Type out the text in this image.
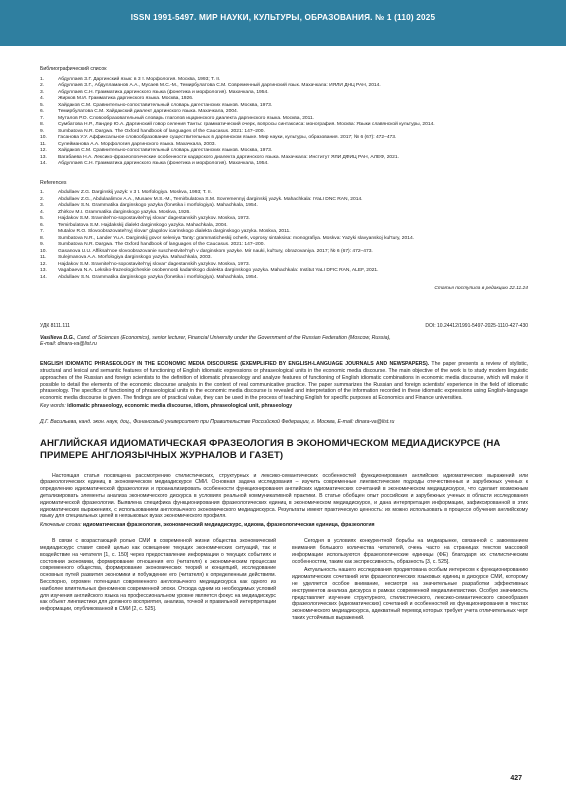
ISSN 1991-5497. МИР НАУКИ, КУЛЬТУРЫ, ОБРАЗОВАНИЯ. № 1 (110) 2025
Библиографический список
1.	Абдуллаев З.Г. Даргинский язык: в 3 т. Морфология. Москва, 1993; Т. II.
2.	Абдуллаев З.Г., Абдулламанов А.А., Мусаев М.С.-М., Темирбулатова С.М. Современный даргинский язык. Махачкала: ИЯЛИ ДНЦ РАН, 2014.
3.	Абдуллаев С.Н. Грамматика даргинского языка (фонетика и морфология). Махачкала, 1954.
4.	Жирков М.И. Грамматика даргинского языка. Москва, 1926.
5.	Хайдаков С.М. Сравнительно-сопоставительный словарь дагестанских языков. Москва, 1973.
6.	Темирбулатова С.М. Хайдакский диалект даргинского языка. Махачкала, 2004.
7.	Муталов Р.О. Словообразовательный словарь глаголов ицаринского диалекта даргинского языка. Москва, 2011.
8.	Сумбатова Н.Р., Ландер Ю.А. Даргинский говор селения Танты: грамматический очерк, вопросы синтаксиса: монография. Москва: Языки славянской культуры, 2014.
9.	Sumbatova N.R. Dargwa. The Oxford handbook of languages of the Caucasus. 2021: 147–200.
10.	Гасанова У.У. Аффиксальное словообразование существительных в даргинском языке. Мир науки, культуры, образования. 2017; № 6 (67): 472–473.
11.	Сулейманова А.А. Морфология даргинского языка. Махачкала, 2003.
12.	Хайдаков С.М. Сравнительно-сопоставительный словарь дагестанских языков. Москва, 1973.
13.	Вагабаева Н.А. Лексико-фразеологические особенности кадарского диалекта даргинского языка. Махачкала: Институт ЯЛИ ДФИЦ РАН, АЛЕФ, 2021.
14.	Абдуллаев С.Н. Грамматика даргинского языка (фонетика и морфология). Махачкала, 1954.
References
1.	Abdullaev Z.G. Darginskij yazyk: v 3 t. Morfologiya. Moskva, 1993; T. II.
2.	Abdullaev Z.G., Abdulaalimov A.A., Musaev M.S.-M., Temirbulatova S.M. Sovremennyj darginskij yazyk. Mahachkala: IYaLI DNC RAN, 2014.
3.	Abdullaev S.N. Grammatika darginskogo yazyka (fonetika i morfologiya). Mahachkala, 1954.
4.	Zhirkov M.I. Grammatika darginskogo yazyka. Moskva, 1926.
5.	Hajdakov S.M. Sravnitel'no-sopostavitel'nyj slovar' dagestanskih yazykov. Moskva, 1973.
6.	Temirbulatova S.M. Hajdakskij dialekt darginskogo yazyka. Mahachkala, 2004.
7.	Mutalov R.O. Slovoobrazovatel'nyj slovar' glagolov icarinskogo dialekta darginskogo yazyka. Moskva, 2011.
8.	Sumbatova N.R., Lander Yu.A. Darginskij govor seleniya Tanty: grammaticheskij ocherk, voprosy sintaksisa: monografiya. Moskva: Yazyki slavyanskoj kul'tury, 2014.
9.	Sumbatova N.R. Dargwa. The Oxford handbook of languages of the Caucasus. 2021: 147–200.
10.	Gasanova U.U. Affiksal'noe slovoobrazovanie suschestvitel'nyh v darginskom yazyke. Mir nauki, kul'tury, obrazovaniya. 2017; № 6 (67): 472–473.
11.	Sulejmanova A.A. Morfologiya darginskogo yazyka. Mahachkala, 2003.
12.	Hajdakov S.M. Sravnitel'no-sopostavitel'nyj slovar' dagestanskih yazykov. Moskva, 1973.
13.	Vagabaeva N.A. Leksiko-frazeologicheskie osobennosti kadarskogo dialekta darginskogo yazyka. Mahachkala: Institut YaLI DFIC RAN, ALEF, 2021.
14.	Abdullaev S.N. Grammatika darginskogo yazyka (fonetika i morfologiya). Mahachkala, 1954.
Статья поступила в редакцию 22.11.24
УДК 8111.111	DOI: 10.24412/1991-5497-2025-1110-427-430
Vasilieva D.G., Cand. of Sciences (Economics), senior lecturer, Financial University under the Government of the Russian Federation (Moscow, Russia),
E-mail: dinara-va@list.ru
ENGLISH IDIOMATIC PHRASEOLOGY IN THE ECONOMIC MEDIA DISCOURSE (EXEMPLIFIED BY ENGLISH-LANGUAGE JOURNALS AND NEWSPAPERS). The paper presents a review of stylistic, structural and lexical and semantic features of functioning of English idiomatic expressions or phraseological units in the economic media discourse. The main objective of the work is to study modern linguistic approaches of the Russian and foreign scientists to the definition of idiomatic phraseology and analyze features of functioning of English idiomatic combinations in economic media discourse, which will make it possible to detail the elements of the economic discourse analysis in the context of real communicative practice. The paper summarizes the Russian and foreign scientists' experience in the field of idiomatic phraseology. The specifics of functioning of phraseological units in the economic media discourse is revealed and interpretation of the information recorded in these idiomatic expressions using English-language economic media discourse is given. The findings are of practical value, they can be used in the process of teaching English for specific purposes at Economics and Finance universities.
Key words: idiomatic phraseology, economic media discourse, idiom, phraseological unit, phraseology
Д.Г. Васильева, канд. экон. наук, доц., Финансовый университет при Правительстве Российской Федерации, г. Москва, E-mail: dinara-va@list.ru
АНГЛИЙСКАЯ ИДИОМАТИЧЕСКАЯ ФРАЗЕОЛОГИЯ В ЭКОНОМИЧЕСКОМ МЕДИАДИСКУРСЕ (НА ПРИМЕРЕ АНГЛОЯЗЫЧНЫХ ЖУРНАЛОВ И ГАЗЕТ)
Настоящая статья посвящена рассмотрению стилистических, структурных и лексико-семантических особенностей функционирования английских идиоматических выражений или фразеологических единиц в экономическом медиадискурсе СМИ. Основная задача исследования – изучить современные лингвистические подходы отечественных и зарубежных ученых к определению идиоматической фразеологии и проанализировать особенности функционирования английских идиоматических сочетаний в экономическом медиадискурсе, что сделает возможным детализировать элементы анализа экономического дискурса в условиях реальной коммуникативной практики. В статье обобщен опыт российских и зарубежных ученых в области исследования идиоматической фразеологии. Выявлена специфика функционирования фразеологических единиц в экономическом медиадискурсе, и дана интерпретация информации, зафиксированной в этих идиоматических выражениях, с использованием англоязычного экономического медиадискурса. Результаты имеют практическую ценность: их можно использовать в процессе обучения английскому языку для специальных целей в неязыковых вузах экономического профиля.
Ключевые слова: идиоматическая фразеология, экономический медиадискурс, идиома, фразеологическая единица, фразеология

В связи с возрастающей ролью СМИ в современной жизни общества экономический медиадискурс ставит своей целью как освещение текущих экономических ситуаций, так и воздействие на читателя [1, с. 150] через предоставление информации о текущих событиях и состоянии экономики, формирование отношения его (читателя) к экономическим процессам современного общества, формирование экономических теорий и концепций, исследование основных путей развития экономики и побуждение его (читателя) к определенным действиям. Бесспорно, огромен потенциал современного англоязычного медиадискурса как одного из наиболее влиятельных феноменов современной эпохи. Отсюда одним из необходимых условий для изучения английского языка на профессиональном уровне является фокус на медиадискурс как объект лингвистики для должного восприятия, анализа, точной и правильной интерпретации информации, опубликованной в СМИ [2, с. 525].

Сегодня в условиях конкурентной борьбы на медиарынке, связанной с завоеванием внимания большого количества читателей, очень часто на страницах текстов массовой информации используются фразеологические единицы (ФЕ) благодаря их стилистическим особенностям, таким как экспрессивность, образность [3, с. 525].

Актуальность нашего исследования продиктована особым интересом к функционированию идиоматических сочетаний или фразеологических языковых единиц в дискурсе СМИ, которому не уделяется особое внимание, несмотря на значительные разработки эффективных инструментов анализа дискурса в рамках современной медиалингвистики. Особую значимость представляет изучение структурного, стилистического, лексико-семантического своеобразия фразеологических (идиоматических) сочетаний и особенностей их функционирования в текстах экономического медиадискурса, адекватный перевод которых требует учета отличительных черт таких устойчивых выражений.

427
